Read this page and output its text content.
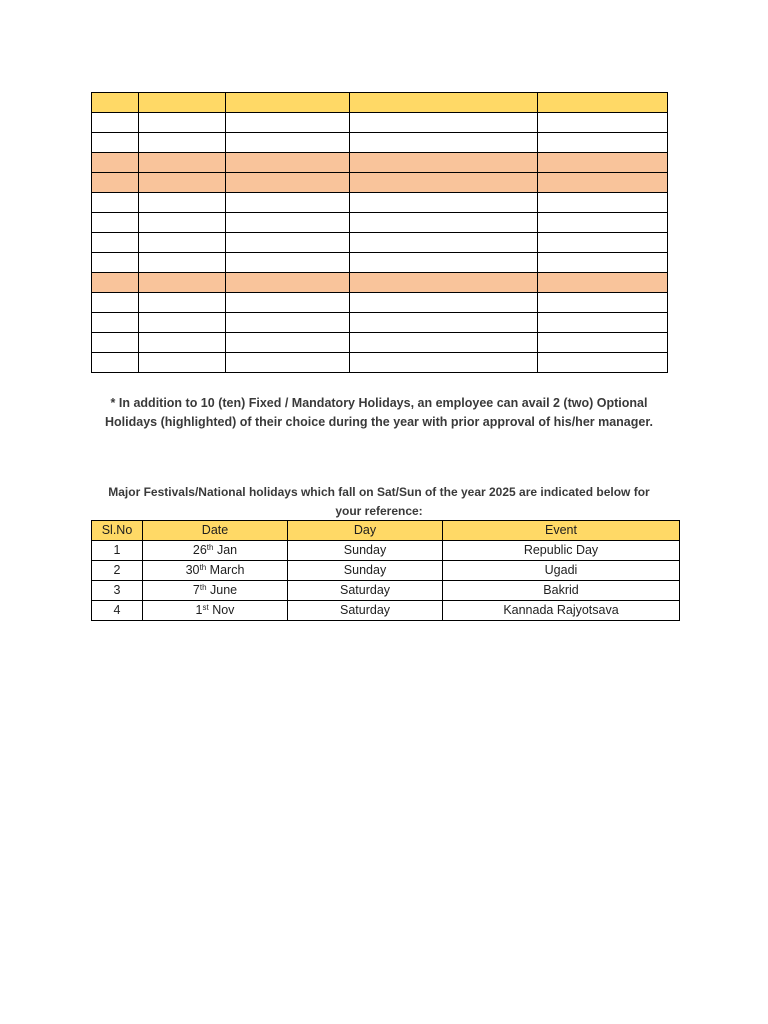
* In addition to 10 (ten) Fixed / Mandatory Holidays, an employee can avail 2 (two) Optional
Holidays (highlighted) of their choice during the year with prior approval of his/her manager.
Major Festivals/National holidays which fall on Sat/Sun of the year 2025 are indicated below for
your reference:
Sl.No	Date	Day	Event
1	26th Jan	Sunday	Republic Day
2	30th March	Sunday	Ugadi
3	7th June	Saturday	Bakrid
4	1st Nov	Saturday	Kannada Rajyotsava
